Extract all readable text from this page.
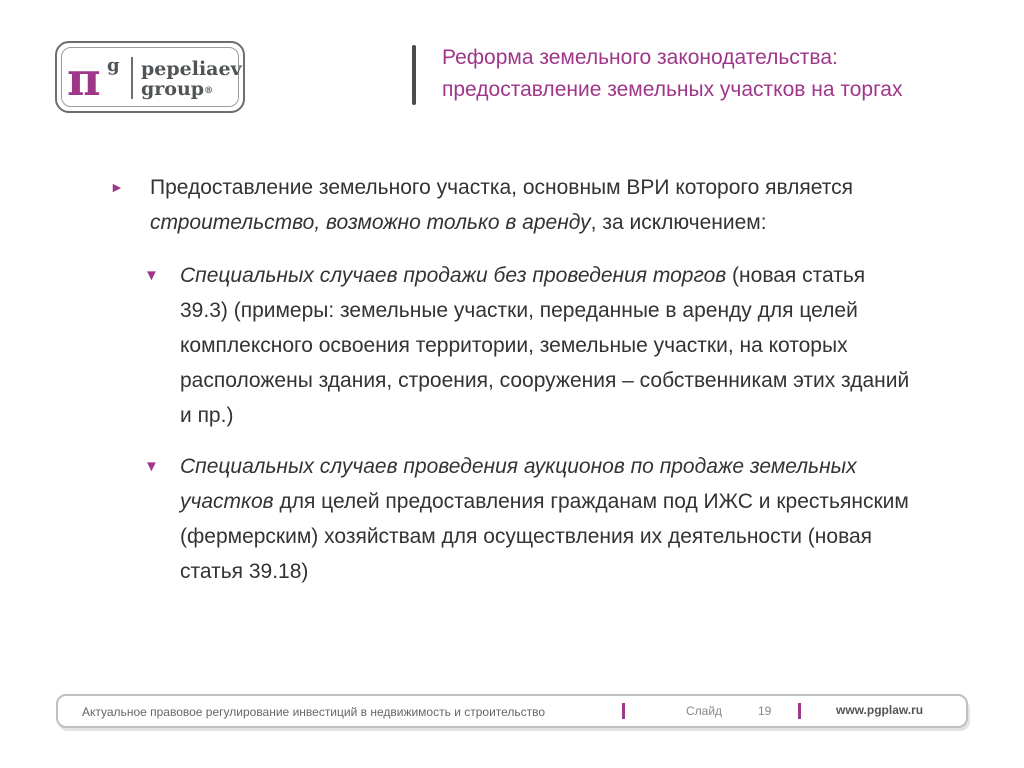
π g pepeliaev
group®
Реформа земельного законодательства:
предоставление земельных участков на торгах
► Предоставление земельного участка, основным ВРИ которого является строительство, возможно только в аренду, за исключением:
▼ Специальных случаев продажи без проведения торгов (новая статья 39.3) (примеры: земельные участки, переданные в аренду для целей комплексного освоения территории, земельные участки, на которых расположены здания, строения, сооружения – собственникам этих зданий и пр.)
▼ Специальных случаев проведения аукционов по продаже земельных участков для целей предоставления гражданам под ИЖС и крестьянским (фермерским) хозяйствам для осуществления их деятельности (новая статья 39.18)
Актуальное правовое регулирование инвестиций в недвижимость и строительство	Слайд	19	www.pgplaw.ru
